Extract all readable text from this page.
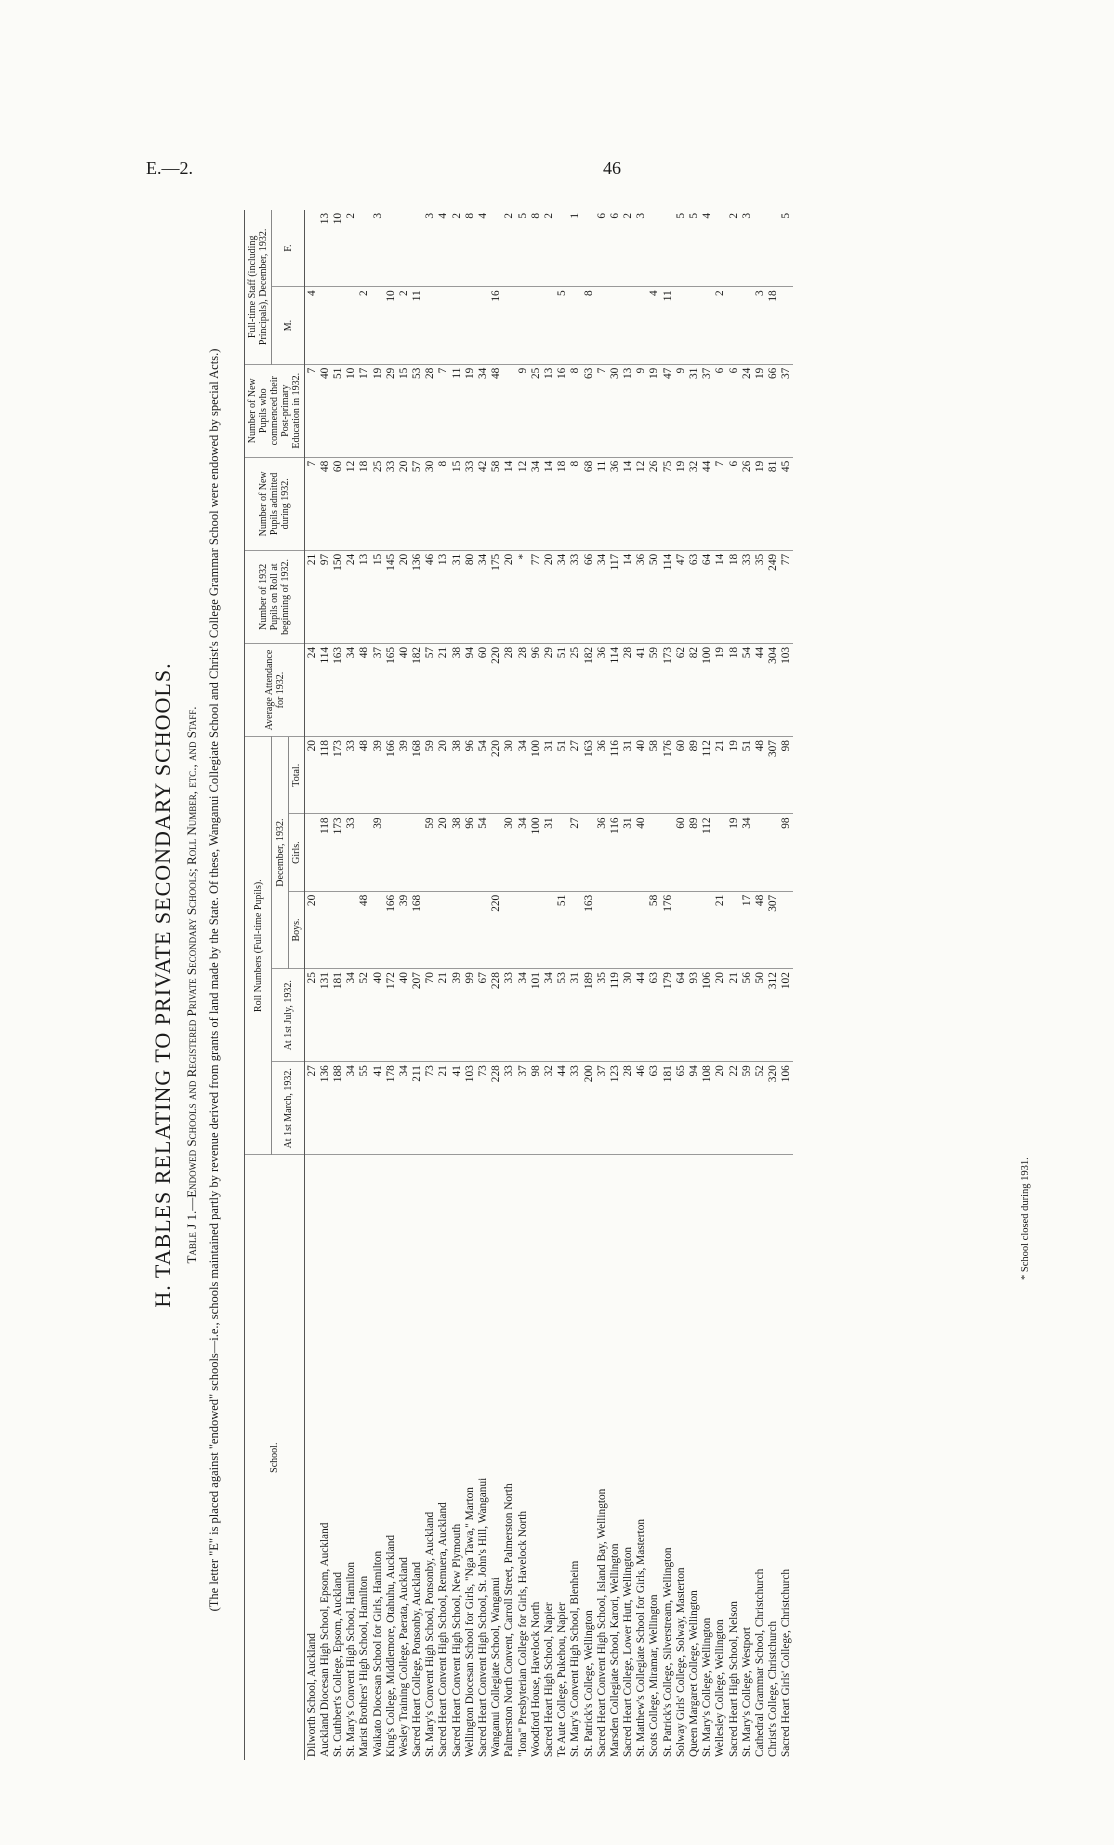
E.—2.	46
H. TABLES RELATING TO PRIVATE SECONDARY SCHOOLS. Table J 1.—Endowed Schools and Registered Private Secondary Schools; Roll Number, etc., and Staff. (The letter "E" is placed against "endowed" schools—i.e., schools maintained partly by revenue derived from grants of land made by the State. Of these, Wanganui Collegiate School and Christ's College Grammar School were endowed by special Acts.)	School.	Roll Numbers (Full-time Pupils).					Average Attendance for 1932.	Number of 1932 Pupils on Roll at beginning of 1932.	Number of New Pupils admitted during 1932.	Number of New Pupils who commenced their Post-primary Education in 1932.	Full-time Staff (including Principals), December, 1932.	
	At 1st March, 1932.	At 1st July, 1932.	December, 1932.							M.	F.
			Boys.	Girls.	Total.						
Dilworth School, Auckland	27	25	20		20	24	21	7	7	4	
Auckland Diocesan High School, Epsom, Auckland	136	131		118	118	114	97	48	40		13
St. Cuthbert's College, Epsom, Auckland	188	181		173	173	163	150	60	51		10
St. Mary's Convent High School, Hamilton	34	34		33	33	34	24	12	10		2
Marist Brothers' High School, Hamilton	55	52	48		48	48	13	18	17	2	
Waikato Diocesan School for Girls, Hamilton	41	40		39	39	37	15	25	19		3
King's College, Middlemore, Otahuhu, Auckland	178	172	166		166	165	145	33	29	10	
Wesley Training College, Paerata, Auckland	34	40	39		39	40	20	20	15	2	
Sacred Heart College, Ponsonby, Auckland	211	207	168		168	182	136	57	53	11	
St. Mary's Convent High School, Ponsonby, Auckland	73	70		59	59	57	46	30	28		3
Sacred Heart Convent High School, Remuera, Auckland	21	21		20	20	21	13	8	7		4
Sacred Heart Convent High School, New Plymouth	41	39		38	38	38	31	15	11		2
Wellington Diocesan School for Girls, "Nga Tawa," Marton	103	99		96	96	94	80	33	19		8
Sacred Heart Convent High School, St. John's Hill, Wanganui	73	67		54	54	60	34	42	34		4
Wanganui Collegiate School, Wanganui	228	228	220		220	220	175	58	48	16	
Palmerston North Convent, Carroll Street, Palmerston North	33	33		30	30	28	20	14			2
"Iona" Presbyterian College for Girls, Havelock North	37	34		34	34	28	*	12	9		5
Woodford House, Havelock North	98	101		100	100	96	77	34	25		8
Sacred Heart High School, Napier	32	34		31	31	29	20	14	13		2
Te Aute College, Pukehou, Napier	44	53	51		51	51	34	18	16	5	
St. Mary's Convent High School, Blenheim	33	31		27	27	25	33	8	8		1
St. Patrick's College, Wellington	200	189	163		163	182	66	68	63	8	
Sacred Heart Convent High School, Island Bay, Wellington	37	35		36	36	36	34	11	7		6
Marsden Collegiate School, Karori, Wellington	123	119		116	116	114	117	36	30		6
Sacred Heart College, Lower Hutt, Wellington	28	30		31	31	28	14	14	13		2
St. Matthew's Collegiate School for Girls, Masterton	46	44		40	40	41	36	12	9		3
Scots College, Miramar, Wellington	63	63	58		58	59	50	26	19	4	
St. Patrick's College, Silverstream, Wellington	181	179	176		176	173	114	75	47	11	
Solway Girls' College, Solway, Masterton	65	64		60	60	62	47	19	9		5
Queen Margaret College, Wellington	94	93		89	89	82	63	32	31		5
St. Mary's College, Wellington	108	106		112	112	100	64	44	37		4
Wellesley College, Wellington	20	20	21		21	19	14	7	6	2	
Sacred Heart High School, Nelson	22	21		19	19	18	18	6	6		2
St. Mary's College, Westport	59	56	17	34	51	54	33	26	24		3
Cathedral Grammar School, Christchurch	52	50	48		48	44	35	19	19	3	
Christ's College, Christchurch	320	312	307		307	304	249	81	66	18	
Sacred Heart Girls' College, Christchurch	106	102		98	98	103	77	45	37		5
* School closed during 1931.
